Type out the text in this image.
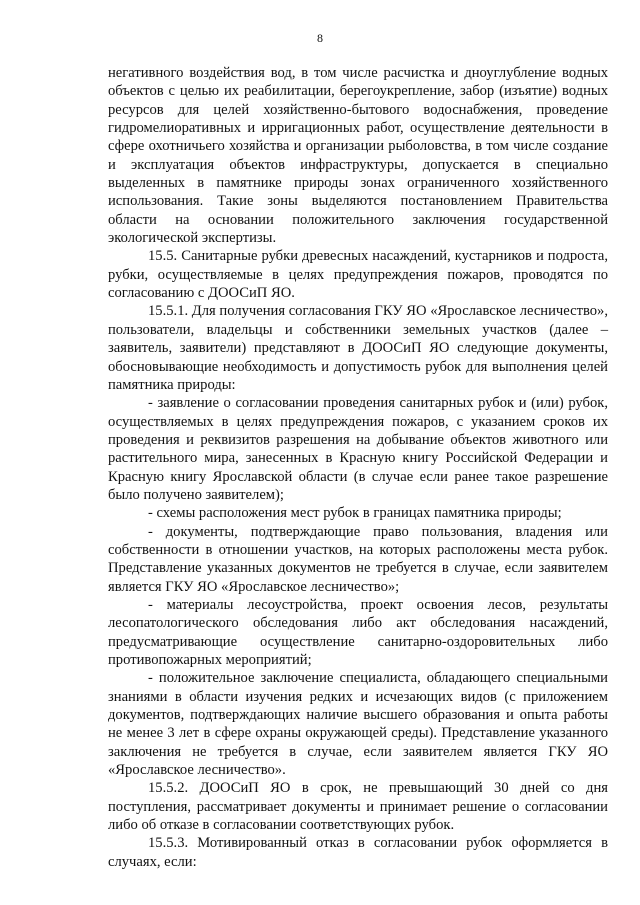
8

негативного воздействия вод, в том числе расчистка и дноуглубление водных объектов с целью их реабилитации, берегоукрепление, забор (изъятие) водных ресурсов для целей хозяйственно-бытового водоснабжения, проведение гидромелиоративных и ирригационных работ, осуществление деятельности в сфере охотничьего хозяйства и организации рыболовства, в том числе создание и эксплуатация объектов инфраструктуры, допускается в специально выделенных в памятнике природы зонах ограниченного хозяйственного использования. Такие зоны выделяются постановлением Правительства области на основании положительного заключения государственной экологической экспертизы.

15.5. Санитарные рубки древесных насаждений, кустарников и подроста, рубки, осуществляемые в целях предупреждения пожаров, проводятся по согласованию с ДООСиП ЯО.

15.5.1. Для получения согласования ГКУ ЯО «Ярославское лесничество», пользователи, владельцы и собственники земельных участков (далее – заявитель, заявители) представляют в ДООСиП ЯО следующие документы, обосновывающие необходимость и допустимость рубок для выполнения целей памятника природы:

- заявление о согласовании проведения санитарных рубок и (или) рубок, осуществляемых в целях предупреждения пожаров, с указанием сроков их проведения и реквизитов разрешения на добывание объектов животного или растительного мира, занесенных в Красную книгу Российской Федерации и Красную книгу Ярославской области (в случае если ранее такое разрешение было получено заявителем);

- схемы расположения мест рубок в границах памятника природы;

- документы, подтверждающие право пользования, владения или собственности в отношении участков, на которых расположены места рубок. Представление указанных документов не требуется в случае, если заявителем является ГКУ ЯО «Ярославское лесничество»;

- материалы лесоустройства, проект освоения лесов, результаты лесопатологического обследования либо акт обследования насаждений, предусматривающие осуществление санитарно-оздоровительных либо противопожарных мероприятий;

- положительное заключение специалиста, обладающего специальными знаниями в области изучения редких и исчезающих видов (с приложением документов, подтверждающих наличие высшего образования и опыта работы не менее 3 лет в сфере охраны окружающей среды). Представление указанного заключения не требуется в случае, если заявителем является ГКУ ЯО «Ярославское лесничество».

15.5.2. ДООСиП ЯО в срок, не превышающий 30 дней со дня поступления, рассматривает документы и принимает решение о согласовании либо об отказе в согласовании соответствующих рубок.

15.5.3. Мотивированный отказ в согласовании рубок оформляется в случаях, если:
